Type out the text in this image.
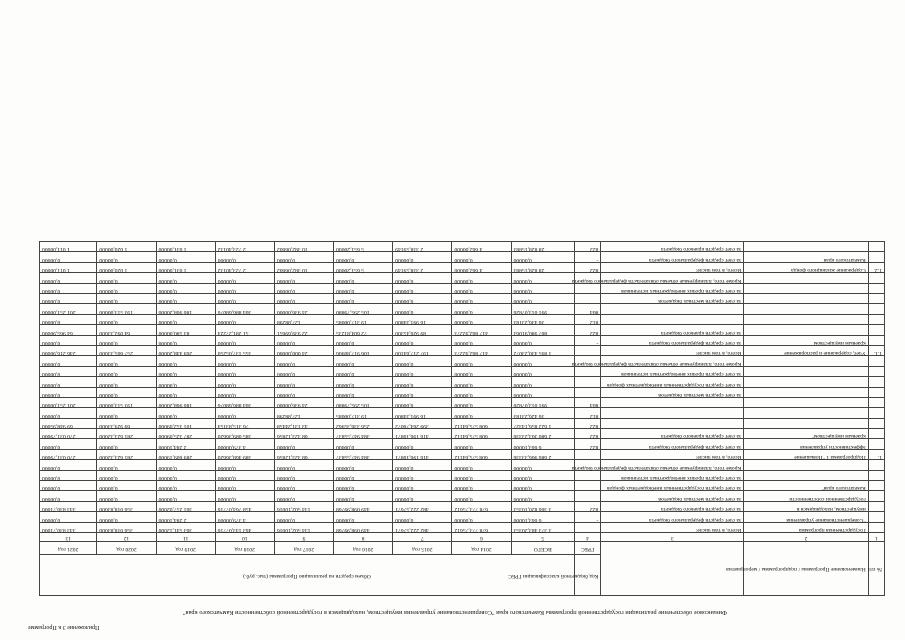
Приложение 3 к Программе
Финансовое обеспечение реализации государственной программы Камчатского края "Совершенствование управления имуществом, находящимся в государственной собственности Камчатского края"
№ п/п	Наименование Программы / подпрограммы / мероприятия		Код бюджетной классификации ГРБС	Объем средств на реализацию Программы (тыс. руб.)								
			ГРБС	ВСЕГО	2014 год	2015 год	2016 год	2017 год	2018 год	2019 год	2020 год	2021 год
1	2	3	4	5	6	7	8	9	10	11	12	13
	Государственная программа	Всего, в том числе:		3 373 483,20353	678 773,75612	482 222,57671	449 098,99768	134 502,10016	463 143,07716	363 541,12000	356 018,83000	343 830,71000
	"Совершенствование управления	за счет средств федерального бюджета	-	6 663,10000	0,00000	0,00000	0,00000	0,00000	4 379,00000	2 284,10000	0,00000	0,00000
	имуществом, находящимся в	за счет средств краевого бюджета	822	3 366 820,10353	678 773,75612	482 222,57671	449 098,99768	134 502,10016	458 764,07716	361 257,02000	356 018,83000	343 830,71000
	государственной собственности	за счет средств местных бюджетов		0,00000	0,00000	0,00000	0,00000	0,00000	0,00000	0,00000	0,00000	0,00000
	Камчатского края"	за счет средств государственных внебюджетных фондов		0,00000	0,00000	0,00000	0,00000	0,00000	0,00000	0,00000	0,00000	0,00000
		за счет средств прочих внебюджетных источников		0,00000	0,00000	0,00000	0,00000	0,00000	0,00000	0,00000	0,00000	0,00000
		Кроме того, планируемые объемы обязательств федерального бюджета		0,00000	0,00000	0,00000	0,00000	0,00000	0,00000	0,00000	0,00000	0,00000
1.	Подпрограмма 1 "Повышение	Всего, в том числе:		2 686 966,33336	608 575,64112	416 196,10871	384 947,55837	68 323,12856	389 468,36620	289 609,19000	281 623,32000	270 031,79000
	эффективности управления	за счет средств федерального бюджета	822	6 663,10000	0,00000	0,00000	0,00000	0,00000	4 379,00000	2 284,10000	0,00000	0,00000
	краевым имуществом"	за счет средств краевого бюджета	822	2 680 303,23336	608 575,64112	416 196,10871	384 947,55837	68 323,12856	385 089,36620	287 325,09000	281 623,32000	270 031,79000
			822	1 622 856,14327	608 575,64112	399 264,76072	256 336,35962	43 131,24458	76 315,83154	101 352,09000	69 929,33000	69 948,95000
			812	36 426,23183	0,00000	16 991,34800	19 317,00085	127,88298	0,00000	0,00000	0,00000	0,00000
			804	991 013,07826	0,00000	0,00000	105 295,79880	24 936,00000	304 886,68076	186 968,20000	193 513,00000	201 251,00000
		за счет средств местных бюджетов		0,00000	0,00000	0,00000	0,00000	0,00000	0,00000	0,00000	0,00000	0,00000
		за счет средств государственных внебюджетных фондов		0,00000	0,00000	0,00000	0,00000	0,00000	0,00000	0,00000	0,00000	0,00000
		за счет средств прочих внебюджетных источников		0,00000	0,00000	0,00000	0,00000	0,00000	0,00000	0,00000	0,00000	0,00000
		Кроме того, планируемые объемы обязательств федерального бюджета		0,00000	0,00000	0,00000	0,00000	0,00000	0,00000	0,00000	0,00000	0,00000
1.1.	Учет, содержание и распоряжение	Всего, в том числе:		1 895 430,23072	417 862,92273	197 217,64100	106 917,80906	24 000,00000	355 137,05250	269 448,20000	257 605,33000	246 216,90000
	краевым имуществом	за счет средств федерального бюджета	-	0,00000	0,00000	0,00000	0,00000	0,00000	0,00000	0,00000	0,00000	0,00000
		за счет средств краевого бюджета	822	867 980,91063	417 862,92273	89 926,45300	72 604,81235	22 939,69651	51 281,27224	83 580,00000	64 092,33000	64 965,90000
			812	36 436,23183	0,00000	16 991,34800	19 317,00085	127,88298	0,00000	0,00000	0,00000	0,00000
			804	991 013,07826	0,00000	0,00000	105 295,79880	24 936,00000	304 886,68076	186 968,20000	193 513,00000	201 251,00000
		за счет средств местных бюджетов		0,00000	0,00000	0,00000	0,00000	0,00000	0,00000	0,00000	0,00000	0,00000
		за счет средств прочих внебюджетных источников		0,00000	0,00000	0,00000	0,00000	0,00000	0,00000	0,00000	0,00000	0,00000
		Кроме того, планируемые объемы обязательств федерального бюджета		0,00000	0,00000	0,00000	0,00000	0,00000	0,00000	0,00000	0,00000	0,00000
1.2.	Содержание жилищного фонда	Всего, в том числе:	822	28 828,15883	4 662,00000	2 338,59149	5 651,20000	10 382,06602	2 723,40132	1 031,00000	1 020,00000	1 011,00000
	Камчатского края	за счет средств федерального бюджета	-	0,00000	0,00000	0,00000	0,00000	0,00000	0,00000	0,00000	0,00000	0,00000
		за счет средств краевого бюджета	822	28 828,15883	4 662,00000	2 338,59149	5 651,20000	10 382,06602	2 723,40132	1 031,00000	1 020,00000	1 011,00000
